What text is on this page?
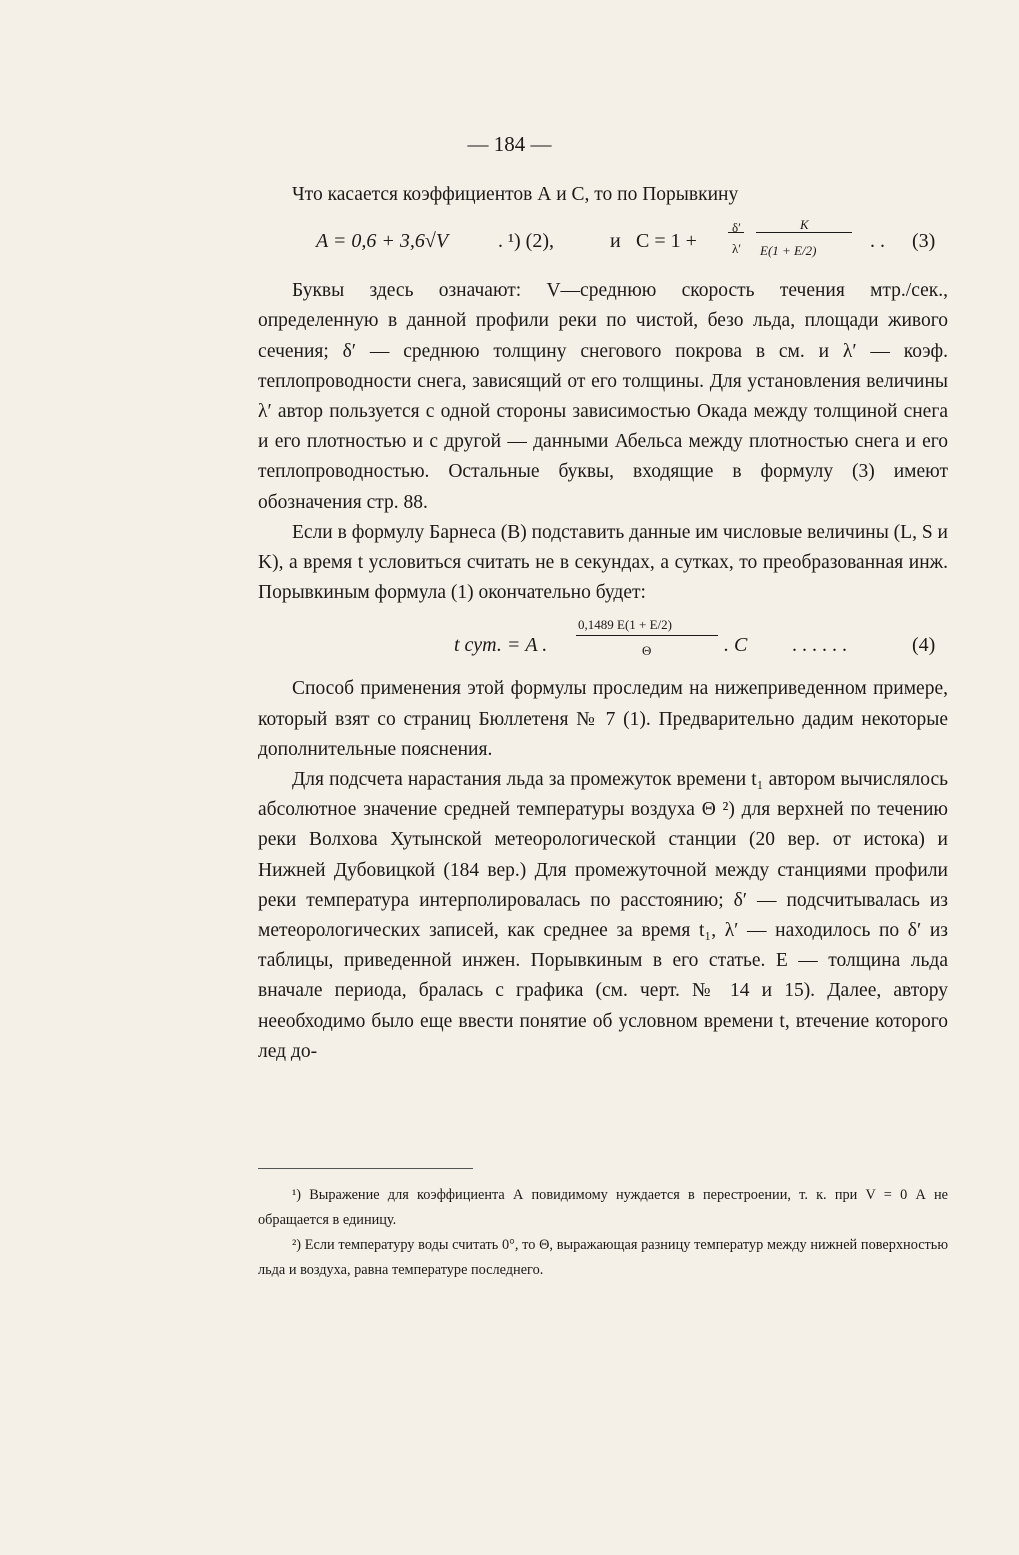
— 184 —

Что касается коэффициентов А и С, то по Порывкину

A = 0,6 + 3,6√V . ¹) (2),	и C = 1 +
δ′
λ′
K
E(1 + E/2)	. . (3)

Буквы здесь означают: V—среднюю скорость течения мтр./сек., определенную в данной профили реки по чистой, безо льда, площади живого сечения; δ′ — среднюю толщину снегового покрова в см. и λ′ — коэф. теплопроводности снега, зависящий от его толщины. Для установления величины λ′ автор пользуется с одной стороны зависимостью Окада между толщиной снега и его плотностью и с другой — данными Абельса между плотностью снега и его теплопроводностью. Остальные буквы, входящие в формулу (3) имеют обозначения стр. 88.

Если в формулу Барнеса (B) подставить данные им числовые величины (L, S и K), а время t условиться считать не в секундах, а сутках, то преобразованная инж. Порывкиным формула (1) окончательно будет:

t сут. = A .
0,1489 E(1 + E/2)
Θ	. C . . . . . .	(4)

Способ применения этой формулы проследим на нижеприведенном примере, который взят со страниц Бюллетеня № 7 (1). Предварительно дадим некоторые дополнительные пояснения.

Для подсчета нарастания льда за промежуток времени t₁ автором вычислялось абсолютное значение средней температуры воздуха Θ ²) для верхней по течению реки Волхова Хутынской метеорологической станции (20 вер. от истока) и Нижней Дубовицкой (184 вер.) Для промежуточной между станциями профили реки температура интерполировалась по расстоянию; δ′ — подсчитывалась из метеорологических записей, как среднее за время t₁, λ′ — находилось по δ′ из таблицы, приведенной инжен. Порывкиным в его статье. E — толщина льда вначале периода, бралась с графика (см. черт. № 14 и 15). Далее, автору нееобходимо было еще ввести понятие об условном времени t, втечение которого лед до-

¹) Выражение для коэффициента А повидимому нуждается в перестроении, т. к. при V = 0 А не обращается в единицу.

²) Если температуру воды считать 0°, то Θ, выражающая разницу температур между нижней поверхностью льда и воздуха, равна температуре последнего.
